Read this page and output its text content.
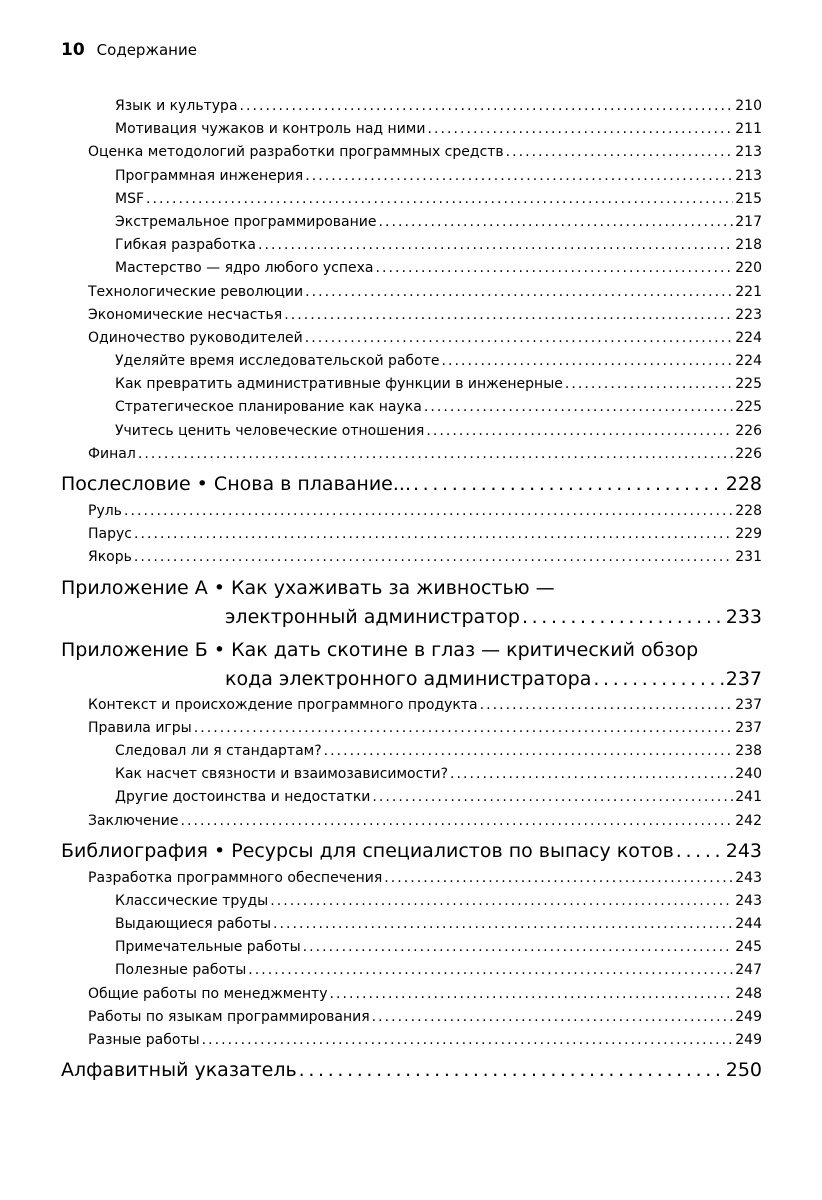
10 Содержание
Язык и культура . . .	210
Мотивация чужаков и контроль над ними . . .	211
Оценка методологий разработки программных средств . . .	213
Программная инженерия . . .	213
MSF . . .	215
Экстремальное программирование . . .	217
Гибкая разработка . . .	218
Мастерство — ядро любого успеха . . .	220
Технологические революции . . .	221
Экономические несчастья . . .	223
Одиночество руководителей . . .	224
Уделяйте время исследовательской работе . . .	224
Как превратить административные функции в инженерные . . .	225
Стратегическое планирование как наука . . .	225
Учитесь ценить человеческие отношения . . .	226
Финал . . .	226
Послесловие • Снова в плавание... . . .	228
Руль . . .	228
Парус . . .	229
Якорь . . .	231
Приложение А • Как ухаживать за живностью —
электронный администратор . . .	233
Приложение Б • Как дать скотине в глаз — критический обзор
кода электронного администратора . . .	237
Контекст и происхождение программного продукта . . .	237
Правила игры . . .	237
Следовал ли я стандартам? . . .	238
Как насчет связности и взаимозависимости? . . .	240
Другие достоинства и недостатки . . .	241
Заключение . . .	242
Библиография • Ресурсы для специалистов по выпасу котов . . .	243
Разработка программного обеспечения . . .	243
Классические труды . . .	243
Выдающиеся работы . . .	244
Примечательные работы . . .	245
Полезные работы . . .	247
Общие работы по менеджменту . . .	248
Работы по языкам программирования . . .	249
Разные работы . . .	249
Алфавитный указатель . . .	250
